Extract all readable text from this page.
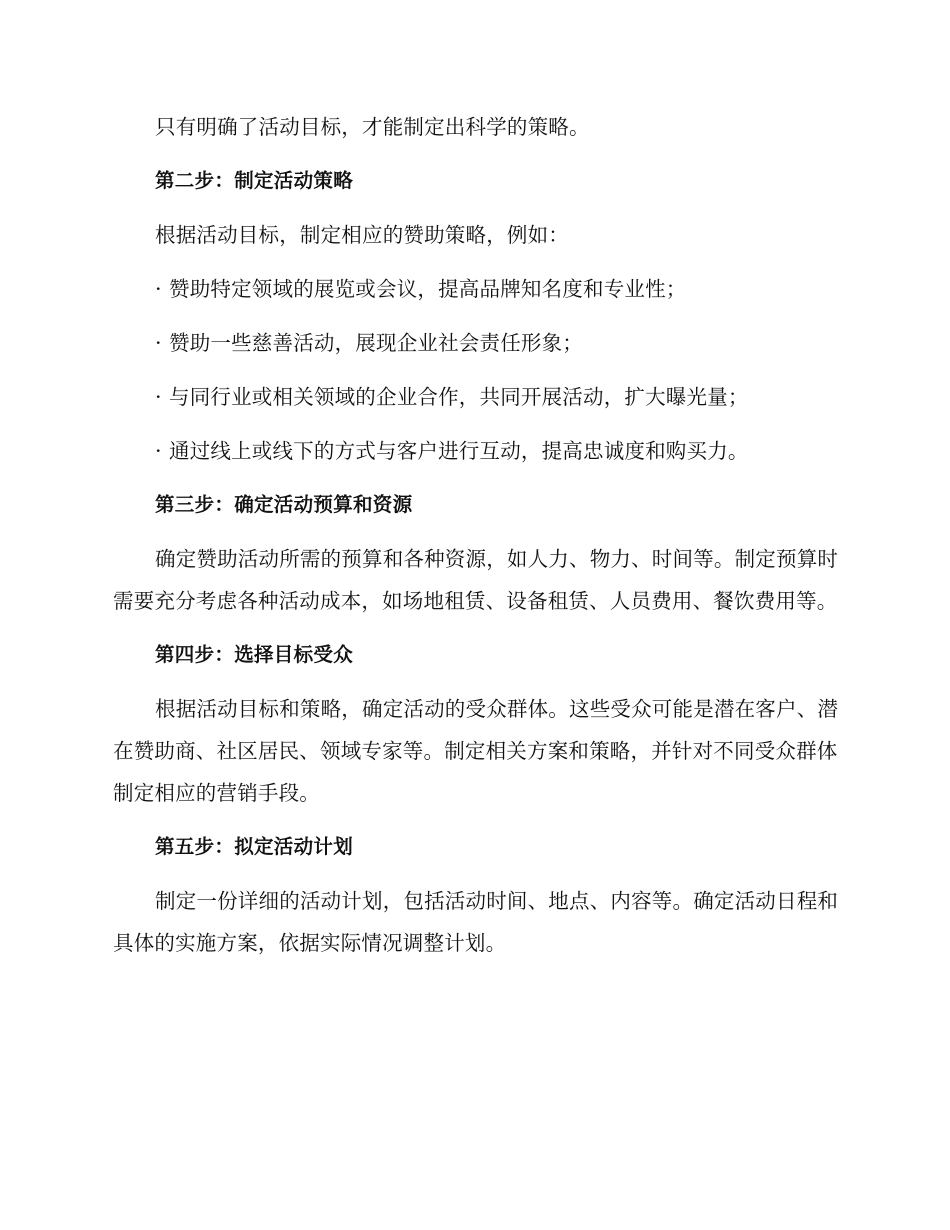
只有明确了活动目标，才能制定出科学的策略。

第二步：制定活动策略

根据活动目标，制定相应的赞助策略，例如：

· 赞助特定领域的展览或会议，提高品牌知名度和专业性；

· 赞助一些慈善活动，展现企业社会责任形象；

· 与同行业或相关领域的企业合作，共同开展活动，扩大曝光量；

· 通过线上或线下的方式与客户进行互动，提高忠诚度和购买力。

第三步：确定活动预算和资源

确定赞助活动所需的预算和各种资源，如人力、物力、时间等。制定预算时需要充分考虑各种活动成本，如场地租赁、设备租赁、人员费用、餐饮费用等。

第四步：选择目标受众

根据活动目标和策略，确定活动的受众群体。这些受众可能是潜在客户、潜在赞助商、社区居民、领域专家等。制定相关方案和策略，并针对不同受众群体制定相应的营销手段。

第五步：拟定活动计划

制定一份详细的活动计划，包括活动时间、地点、内容等。确定活动日程和具体的实施方案，依据实际情况调整计划。
